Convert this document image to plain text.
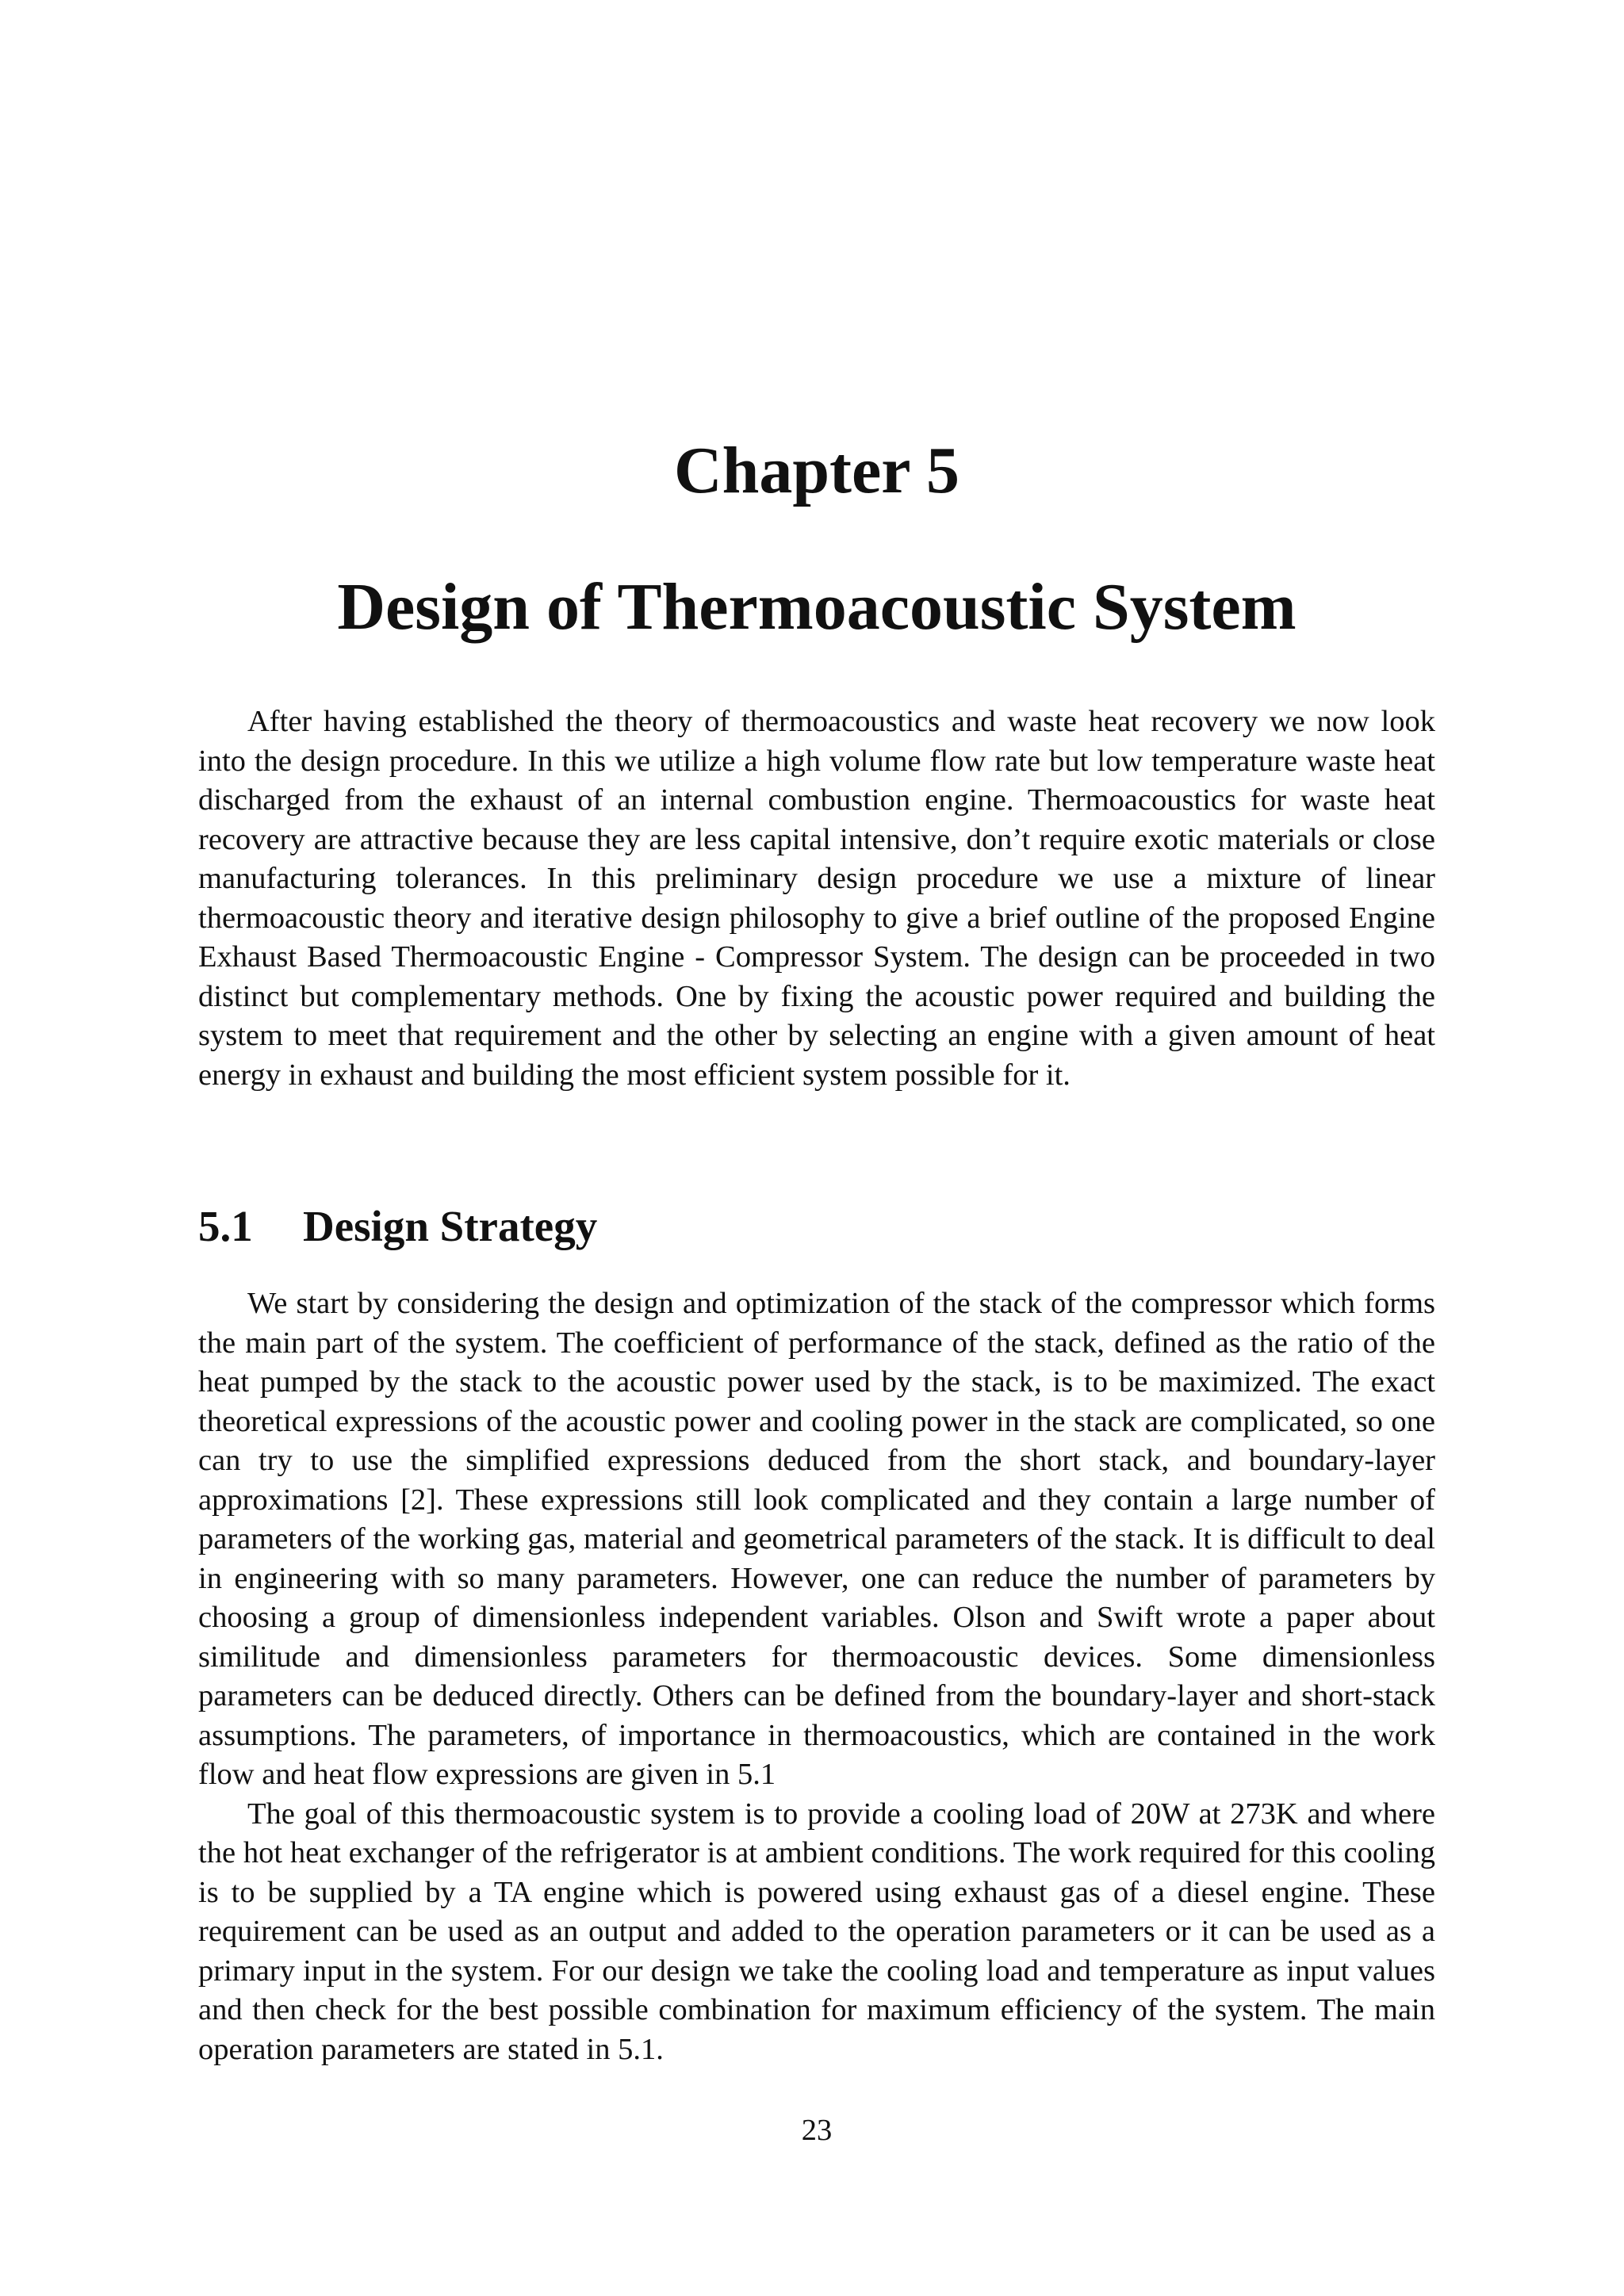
Chapter 5
Design of Thermoacoustic System

After having established the theory of thermoacoustics and waste heat recovery we now look into the design procedure. In this we utilize a high volume flow rate but low temperature waste heat discharged from the exhaust of an internal combustion engine. Thermoacoustics for waste heat recovery are attractive because they are less capital intensive, don’t require exotic materials or close manufacturing tolerances. In this preliminary design procedure we use a mixture of linear thermoacoustic theory and iterative design philosophy to give a brief outline of the proposed Engine Exhaust Based Thermoacoustic Engine - Compressor System. The design can be proceeded in two distinct but complementary methods. One by fixing the acoustic power required and building the system to meet that requirement and the other by selecting an engine with a given amount of heat energy in exhaust and building the most efficient system possible for it.

5.1 Design Strategy

We start by considering the design and optimization of the stack of the compressor which forms the main part of the system. The coefficient of performance of the stack, defined as the ratio of the heat pumped by the stack to the acoustic power used by the stack, is to be maximized. The exact theoretical expressions of the acoustic power and cooling power in the stack are complicated, so one can try to use the simplified expressions deduced from the short stack, and boundary-layer approximations [2]. These expressions still look complicated and they contain a large number of parameters of the working gas, material and geometrical parameters of the stack. It is difficult to deal in engineering with so many parameters. However, one can reduce the number of parameters by choosing a group of dimensionless independent variables. Olson and Swift wrote a paper about similitude and dimensionless parameters for thermoacoustic devices. Some dimensionless parameters can be deduced directly. Others can be defined from the boundary-layer and short-stack assumptions. The parameters, of importance in thermoacoustics, which are contained in the work flow and heat flow expressions are given in 5.1

The goal of this thermoacoustic system is to provide a cooling load of 20W at 273K and where the hot heat exchanger of the refrigerator is at ambient conditions. The work required for this cooling is to be supplied by a TA engine which is powered using exhaust gas of a diesel engine. These requirement can be used as an output and added to the operation parameters or it can be used as a primary input in the system. For our design we take the cooling load and temperature as input values and then check for the best possible combination for maximum efficiency of the system. The main operation parameters are stated in 5.1.

23
